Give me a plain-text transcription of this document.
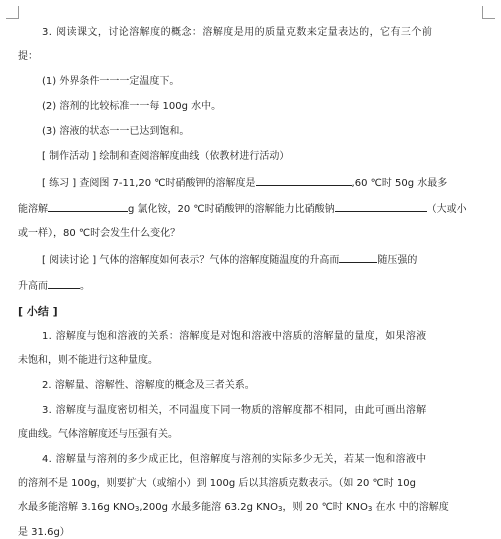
3. 阅读课文，讨论溶解度的概念：溶解度是用的质量克数来定量表达的，它有三个前
提：
(1) 外界条件一一一定温度下。
(2) 溶剂的比较标准一一每 100g 水中。
(3) 溶液的状态一一已达到饱和。
[ 制作活动 ] 绘制和查阅溶解度曲线（依教材进行活动）
[ 练习 ] 查阅图 7-11,20 ℃时硝酸钾的溶解度是	,60 ℃时 50g 水最多
能溶解	g 氯化铵，20 ℃时硝酸钾的溶解能力比硝酸钠	（大或小
或一样），80 ℃时会发生什么变化？
[ 阅读讨论 ] 气体的溶解度如何表示？气体的溶解度随温度的升高而	随压强的
升高而	。
[ 小结 ]
1. 溶解度与饱和溶液的关系：溶解度是对饱和溶液中溶质的溶解量的量度，如果溶液
未饱和，则不能进行这种量度。
2. 溶解量、溶解性、溶解度的概念及三者关系。
3. 溶解度与温度密切相关，不同温度下同一物质的溶解度都不相同，由此可画出溶解
度曲线。气体溶解度还与压强有关。
4. 溶解量与溶剂的多少成正比，但溶解度与溶剂的实际多少无关，若某一饱和溶液中
的溶剂不是 100g，则要扩大（或缩小）到 100g 后以其溶质克数表示。（如 20 ℃时 10g
水最多能溶解 3.16g KNO3,200g 水最多能溶 63.2g KNO3，则 20 ℃时 KNO3 在水 中的溶解度
是 31.6g）
